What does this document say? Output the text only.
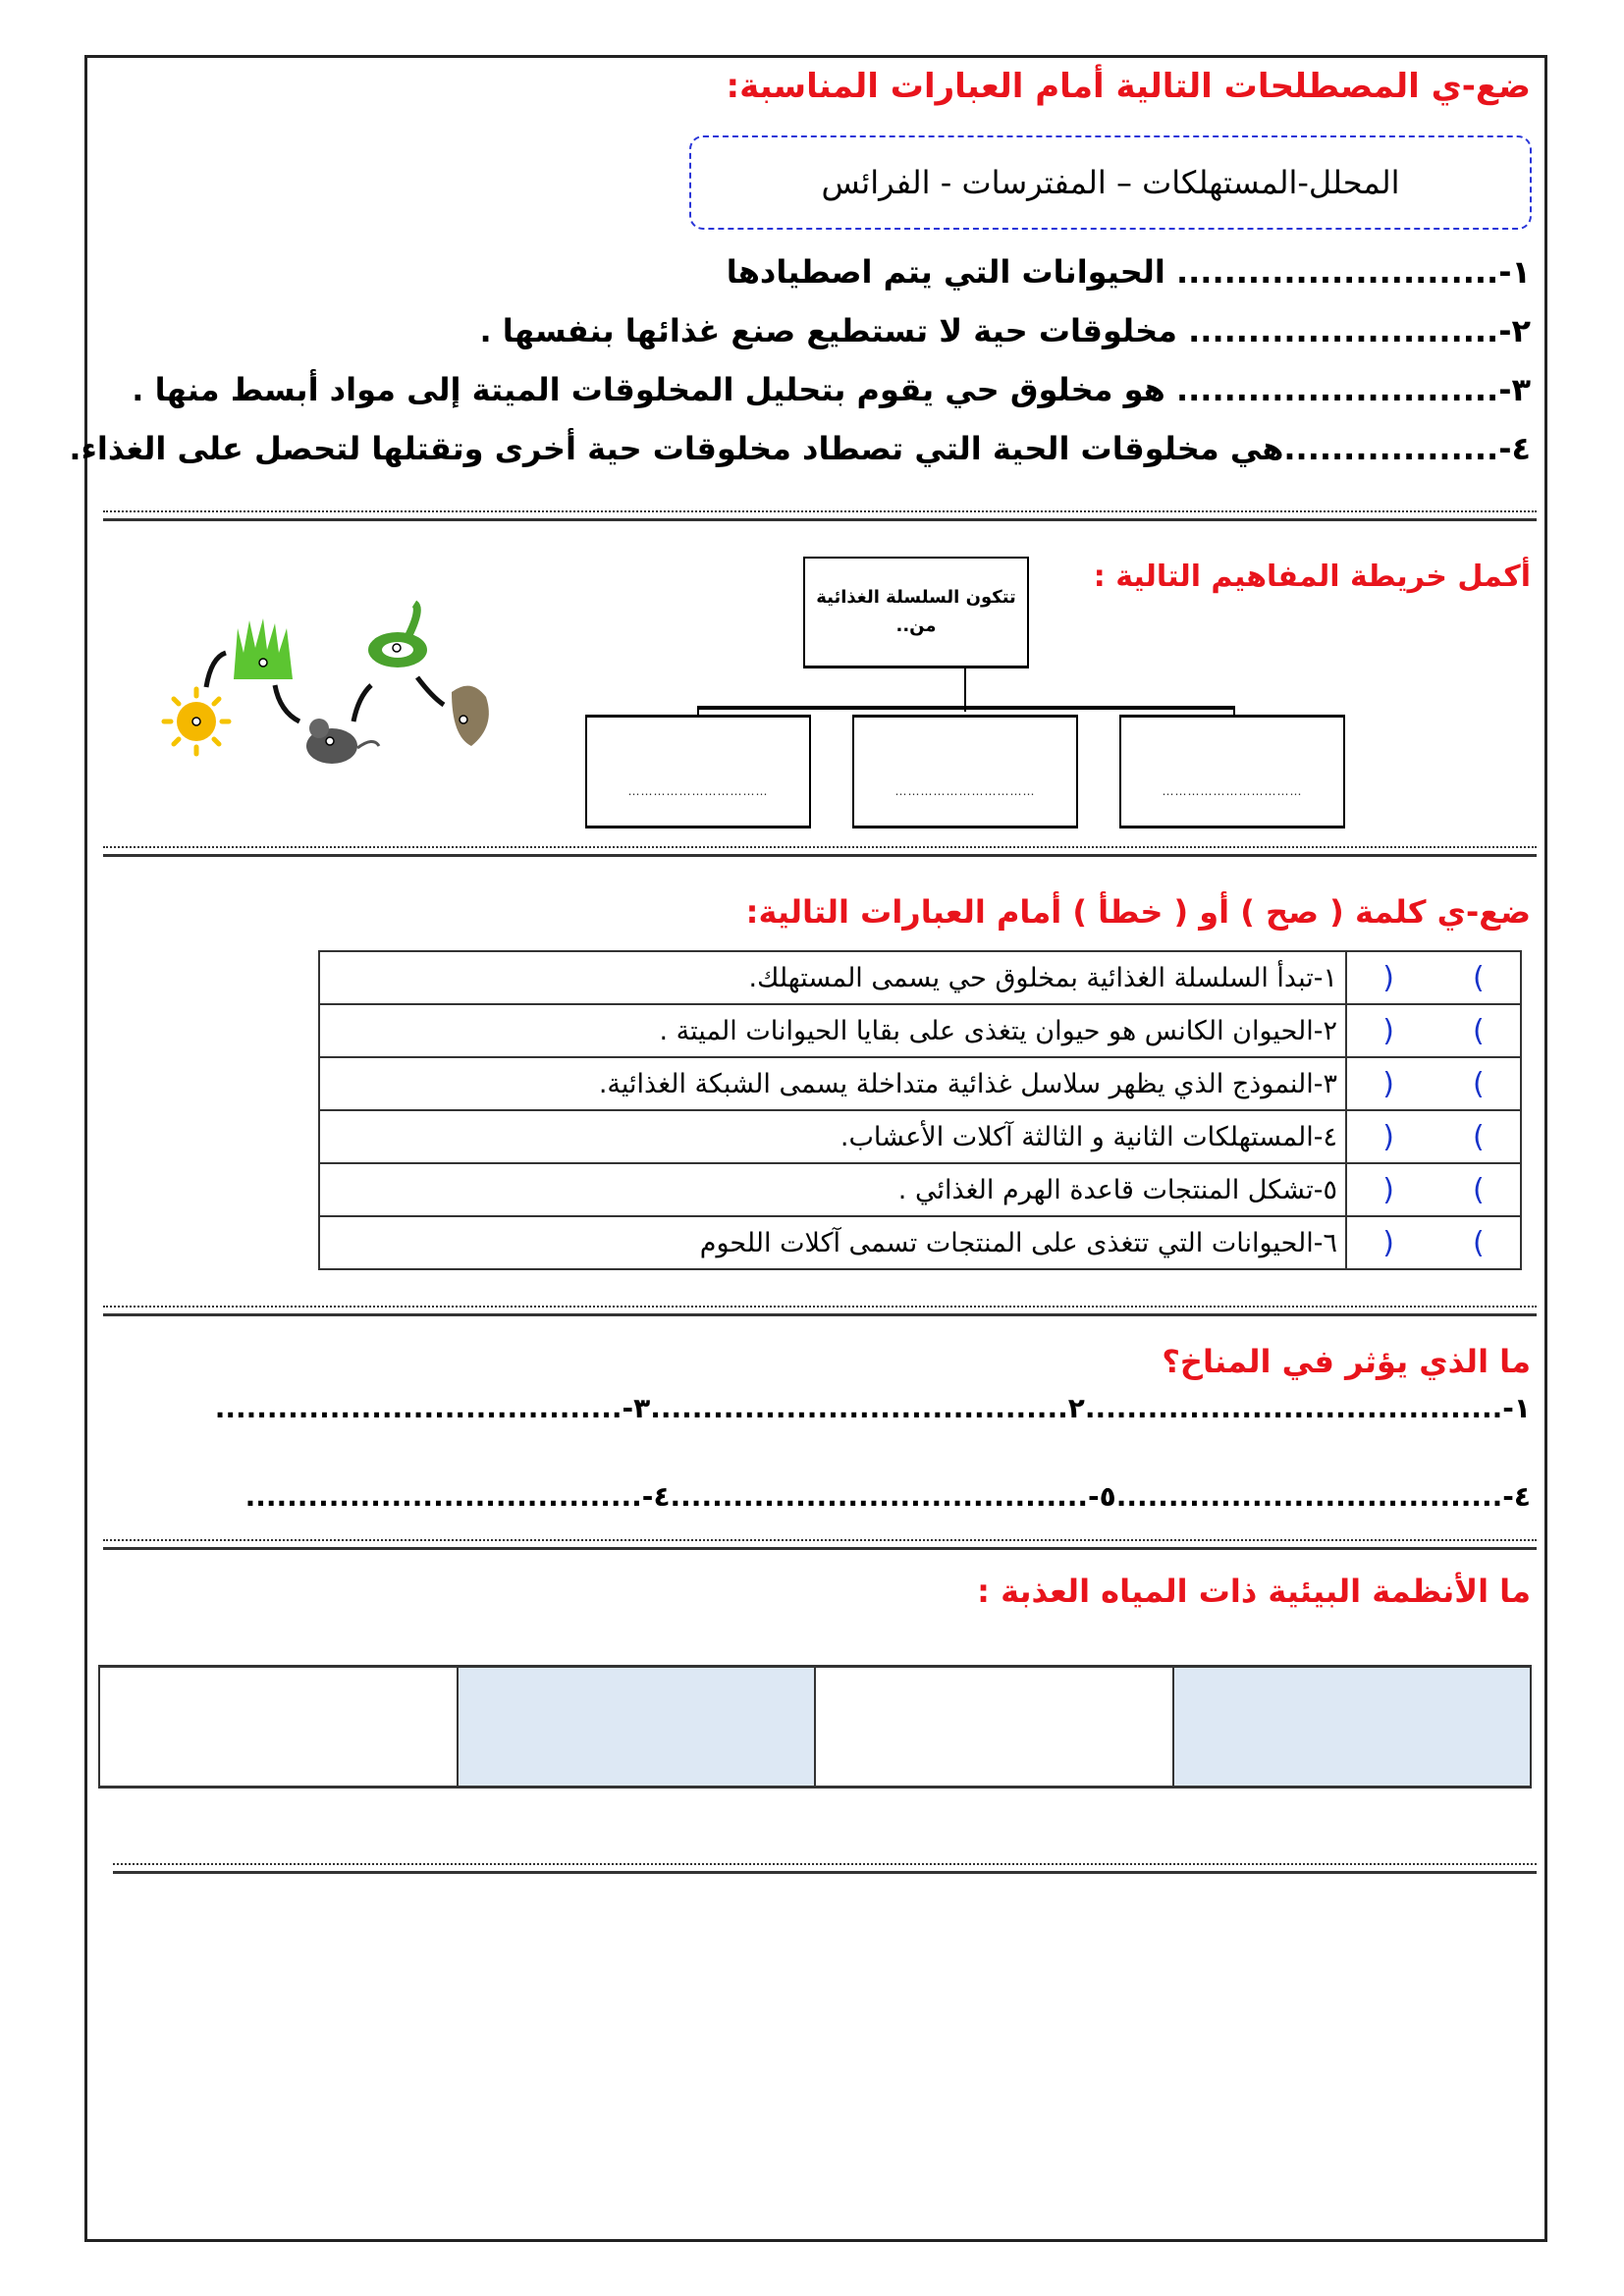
ضع-ي المصطلحات التالية أمام العبارات المناسبة:
المحلل-المستهلكات – المفترسات - الفرائس
١-........................... الحيوانات التي يتم اصطيادها
٢-.......................... مخلوقات حية لا تستطيع صنع غذائها بنفسها .
٣-........................... هو مخلوق حي يقوم بتحليل المخلوقات الميتة إلى مواد أبسط منها .
٤-..................هي مخلوقات الحية التي تصطاد مخلوقات حية أخرى وتقتلها لتحصل على الغذاء.
أكمل خريطة المفاهيم التالية :
تتكون السلسلة الغذائية
من..
……………………………	……………………………	……………………………
ضع-ي كلمة ( صح ) أو ( خطأ ) أمام العبارات التالية:
١-تبدأ السلسلة الغذائية بمخلوق حي يسمى المستهلك.	)(
٢-الحيوان الكانس هو حيوان يتغذى على بقايا الحيوانات الميتة .	)(
٣-النموذج الذي يظهر سلاسل غذائية متداخلة يسمى الشبكة الغذائية.	)(
٤-المستهلكات الثانية و الثالثة آكلات الأعشاب.	)(
٥-تشكل المنتجات قاعدة الهرم الغذائي .	)(
٦-الحيوانات التي تتغذى على المنتجات تسمى آكلات اللحوم	)(
ما الذي يؤثر في المناخ؟
١-........................................٢........................................٣-.......................................
٤-.....................................٥-........................................٤-......................................
ما الأنظمة البيئية ذات المياه العذبة :
